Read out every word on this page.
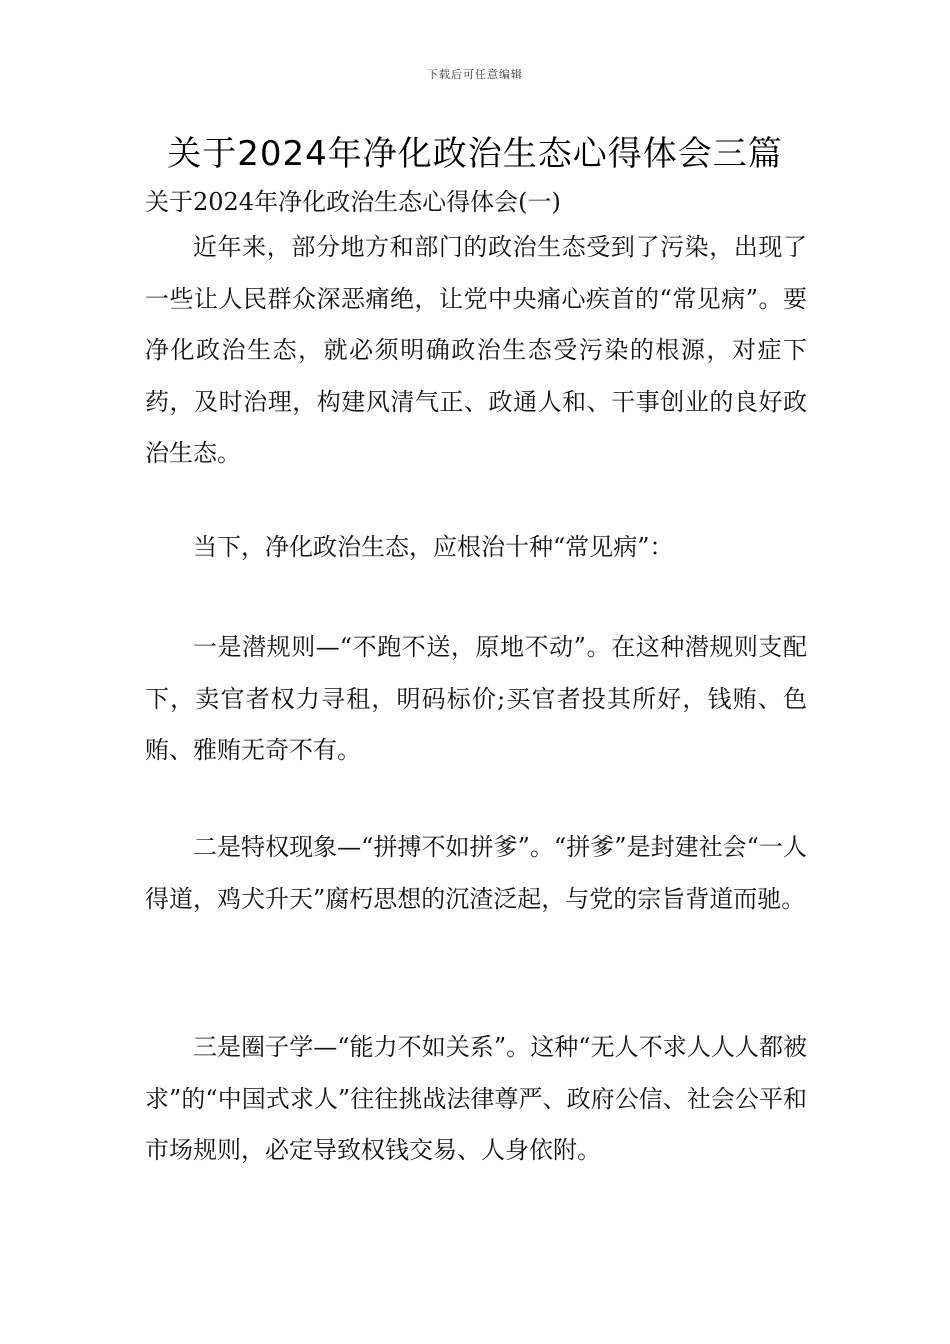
下载后可任意编辑
关于2024年净化政治生态心得体会三篇
关于2024年净化政治生态心得体会(一)

近年来，部分地方和部门的政治生态受到了污染，出现了一些让人民群众深恶痛绝，让党中央痛心疾首的“常见病”。要净化政治生态，就必须明确政治生态受污染的根源，对症下药，及时治理，构建风清气正、政通人和、干事创业的良好政治生态。

当下，净化政治生态，应根治十种“常见病”：

一是潜规则—“不跑不送，原地不动”。在这种潜规则支配下，卖官者权力寻租，明码标价;买官者投其所好，钱贿、色贿、雅贿无奇不有。

二是特权现象—“拼搏不如拼爹”。“拼爹”是封建社会“一人得道，鸡犬升天”腐朽思想的沉渣泛起，与党的宗旨背道而驰。

三是圈子学—“能力不如关系”。这种“无人不求人人人都被求”的“中国式求人”往往挑战法律尊严、政府公信、社会公平和市场规则，必定导致权钱交易、人身依附。
